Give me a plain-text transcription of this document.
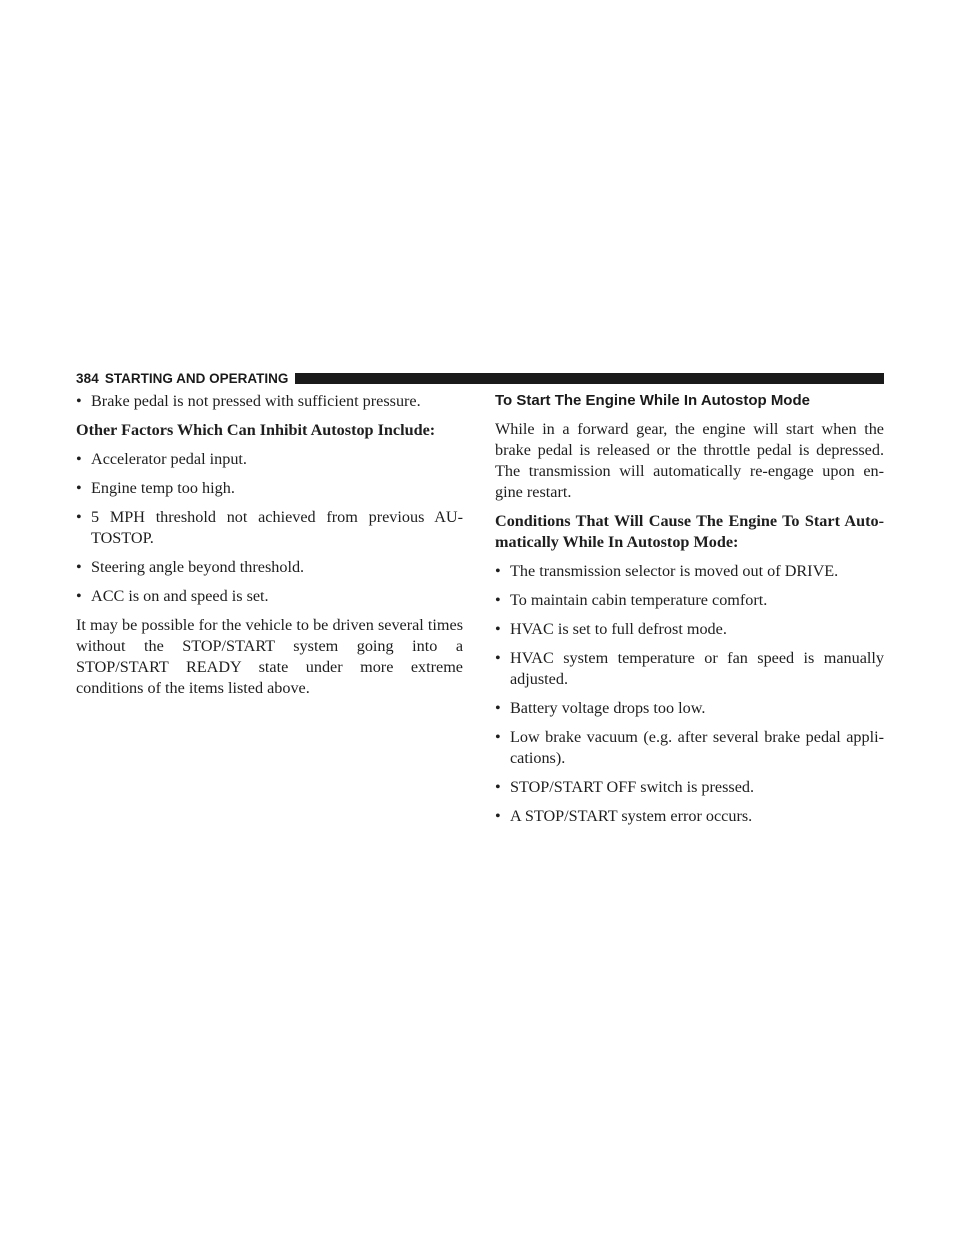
384 STARTING AND OPERATING

• Brake pedal is not pressed with sufficient pressure.

Other Factors Which Can Inhibit Autostop Include:

• Accelerator pedal input.

• Engine temp too high.

• 5 MPH threshold not achieved from previous AU-TOSTOP.

• Steering angle beyond threshold.

• ACC is on and speed is set.

It may be possible for the vehicle to be driven several times without the STOP/START system going into a STOP/START READY state under more extreme conditions of the items listed above.

To Start The Engine While In Autostop Mode

While in a forward gear, the engine will start when the brake pedal is released or the throttle pedal is depressed. The transmission will automatically re-engage upon en-gine restart.

Conditions That Will Cause The Engine To Start Auto-matically While In Autostop Mode:

• The transmission selector is moved out of DRIVE.

• To maintain cabin temperature comfort.

• HVAC is set to full defrost mode.

• HVAC system temperature or fan speed is manually adjusted.

• Battery voltage drops too low.

• Low brake vacuum (e.g. after several brake pedal appli-cations).

• STOP/START OFF switch is pressed.

• A STOP/START system error occurs.
